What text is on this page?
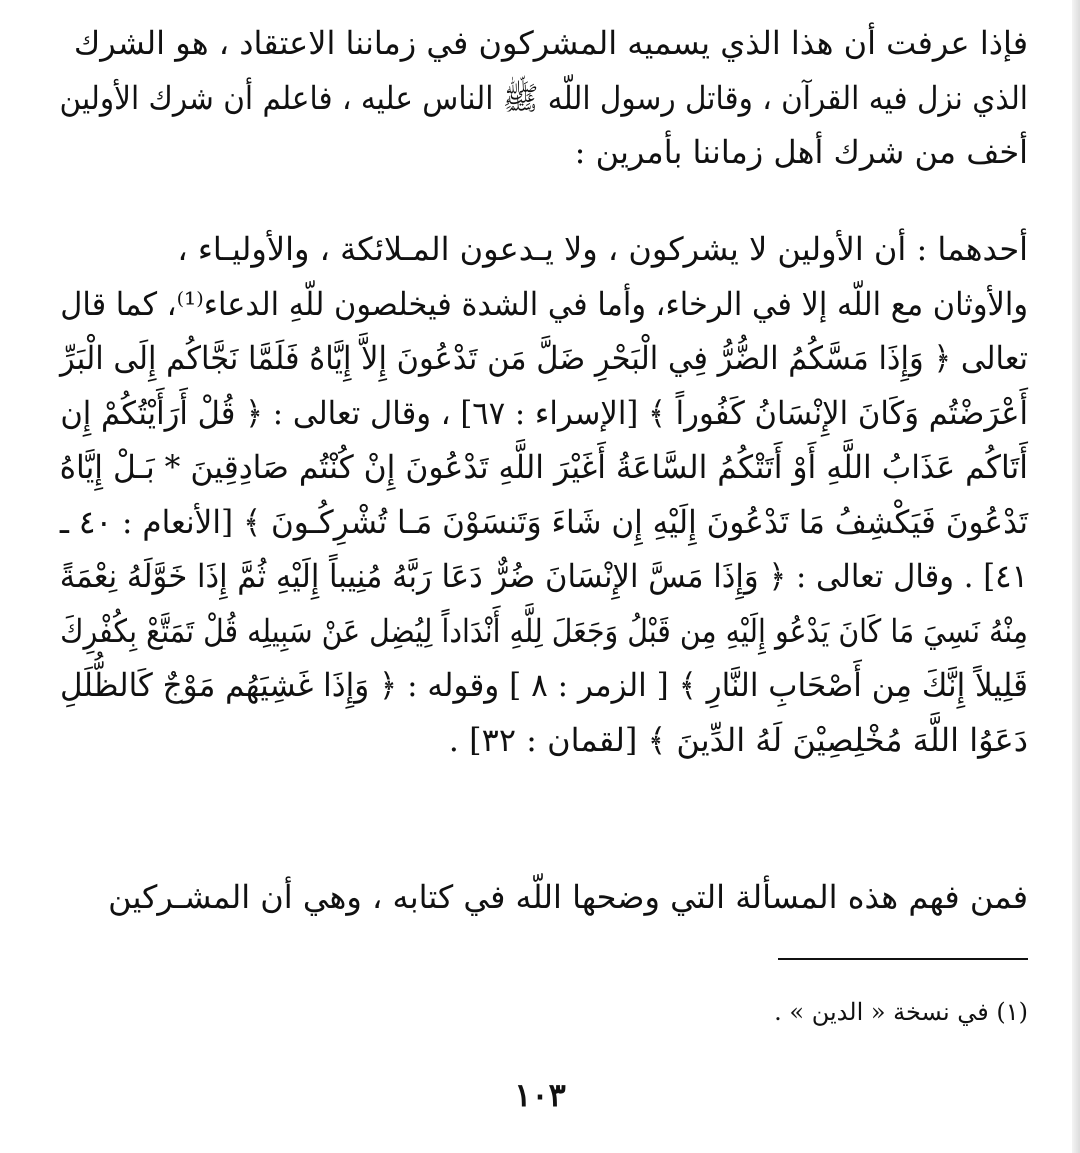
فإذا عرفت أن هذا الذي يسميه المشركون في زماننا الاعتقاد ، هو الشرك
الذي نزل فيه القرآن ، وقاتل رسول اللّه ﷺ الناس عليه ، فاعلم أن شرك الأولين
أخف من شرك أهل زماننا بأمرين :
أحدهما : أن الأولين لا يشركون ، ولا يـدعون المـلائكة ، والأوليـاء ،
والأوثان مع اللّه إلا في الرخاء، وأما في الشدة فيخلصون للّهِ الدعاء⁽¹⁾، كما قال
تعالى ﴿ وَإِذَا مَسَّكُمُ الضُّرُّ فِي الْبَحْرِ ضَلَّ مَن تَدْعُونَ إِلاَّ إِيَّاهُ فَلَمَّا نَجَّاكُم إِلَى الْبَرِّ
أَعْرَضْتُم وَكَانَ الإِنْسَانُ كَفُوراً ﴾ [الإسراء : ٦٧] ، وقال تعالى : ﴿ قُلْ أَرَأَيْتُكُمْ إِن
أَتَاكُم عَذَابُ اللَّهِ أَوْ أَتَتْكُمُ السَّاعَةُ أَغَيْرَ اللَّهِ تَدْعُونَ إِنْ كُنْتُم صَادِقِينَ * بَـلْ إِيَّاهُ
تَدْعُونَ فَيَكْشِفُ مَا تَدْعُونَ إِلَيْهِ إِن شَاءَ وَتَنسَوْنَ مَـا تُشْرِكُـونَ ﴾ [الأنعام : ٤٠ ـ
٤١] . وقال تعالى : ﴿ وَإِذَا مَسَّ الإِنْسَانَ ضُرٌّ دَعَا رَبَّهُ مُنِيباً إِلَيْهِ ثُمَّ إِذَا خَوَّلَهُ نِعْمَةً
مِنْهُ نَسِيَ مَا كَانَ يَدْعُو إِلَيْهِ مِن قَبْلُ وَجَعَلَ لِلَّهِ أَنْدَاداً لِيُضِل عَنْ سَبِيلِه قُلْ تَمَتَّعْ بِكُفْرِكَ
قَلِيلاً إِنَّكَ مِن أَصْحَابِ النَّارِ ﴾ [ الزمر : ٨ ] وقوله : ﴿ وَإِذَا غَشِيَهُم مَوْجٌ كَالظُّلَلِ
دَعَوُا اللَّهَ مُخْلِصِيْنَ لَهُ الدِّينَ ﴾ [لقمان : ٣٢] .
فمن فهم هذه المسألة التي وضحها اللّه في كتابه ، وهي أن المشـركين
(١) في نسخة « الدين » .
١٠٣
